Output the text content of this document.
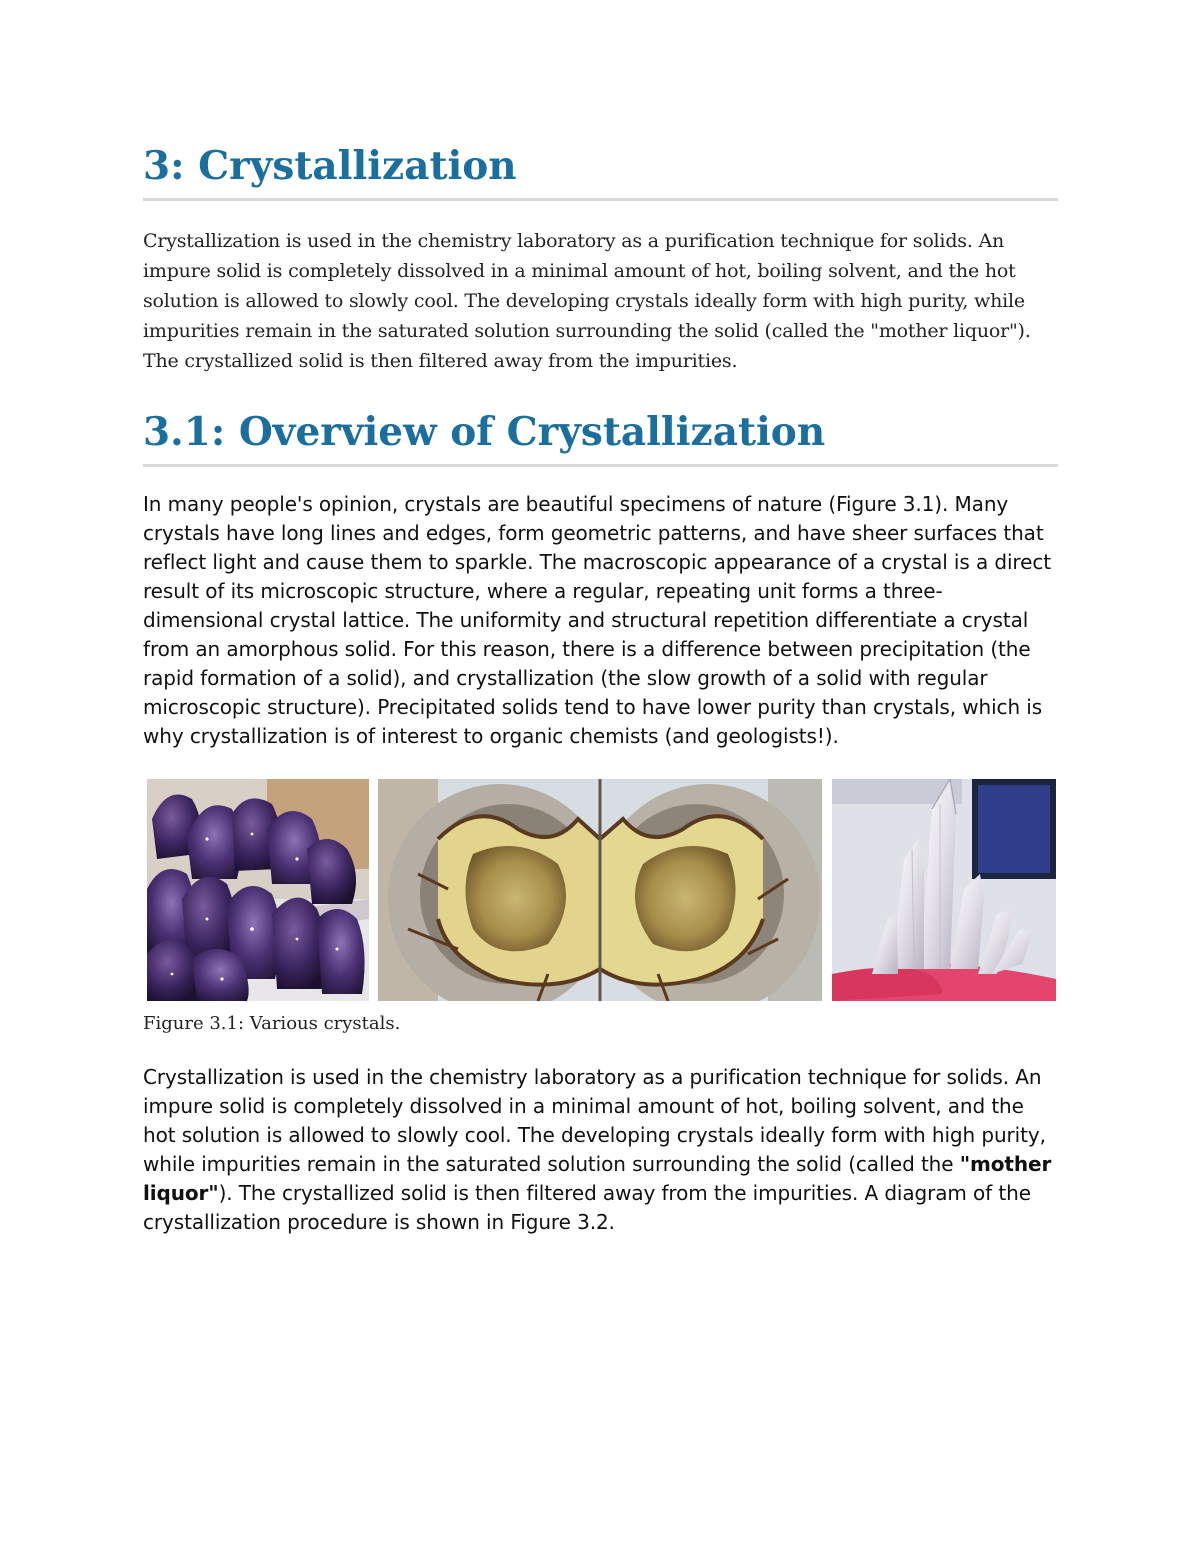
3: Crystallization

Crystallization is used in the chemistry laboratory as a purification technique for solids. An impure solid is completely dissolved in a minimal amount of hot, boiling solvent, and the hot solution is allowed to slowly cool. The developing crystals ideally form with high purity, while impurities remain in the saturated solution surrounding the solid (called the "mother liquor"). The crystallized solid is then filtered away from the impurities.

3.1: Overview of Crystallization

In many people's opinion, crystals are beautiful specimens of nature (Figure 3.1). Many crystals have long lines and edges, form geometric patterns, and have sheer surfaces that reflect light and cause them to sparkle. The macroscopic appearance of a crystal is a direct result of its microscopic structure, where a regular, repeating unit forms a three-dimensional crystal lattice. The uniformity and structural repetition differentiate a crystal from an amorphous solid. For this reason, there is a difference between precipitation (the rapid formation of a solid), and crystallization (the slow growth of a solid with regular microscopic structure). Precipitated solids tend to have lower purity than crystals, which is why crystallization is of interest to organic chemists (and geologists!).

Figure 3.1: Various crystals.

Crystallization is used in the chemistry laboratory as a purification technique for solids. An impure solid is completely dissolved in a minimal amount of hot, boiling solvent, and the hot solution is allowed to slowly cool. The developing crystals ideally form with high purity, while impurities remain in the saturated solution surrounding the solid (called the "mother liquor"). The crystallized solid is then filtered away from the impurities. A diagram of the crystallization procedure is shown in Figure 3.2.
